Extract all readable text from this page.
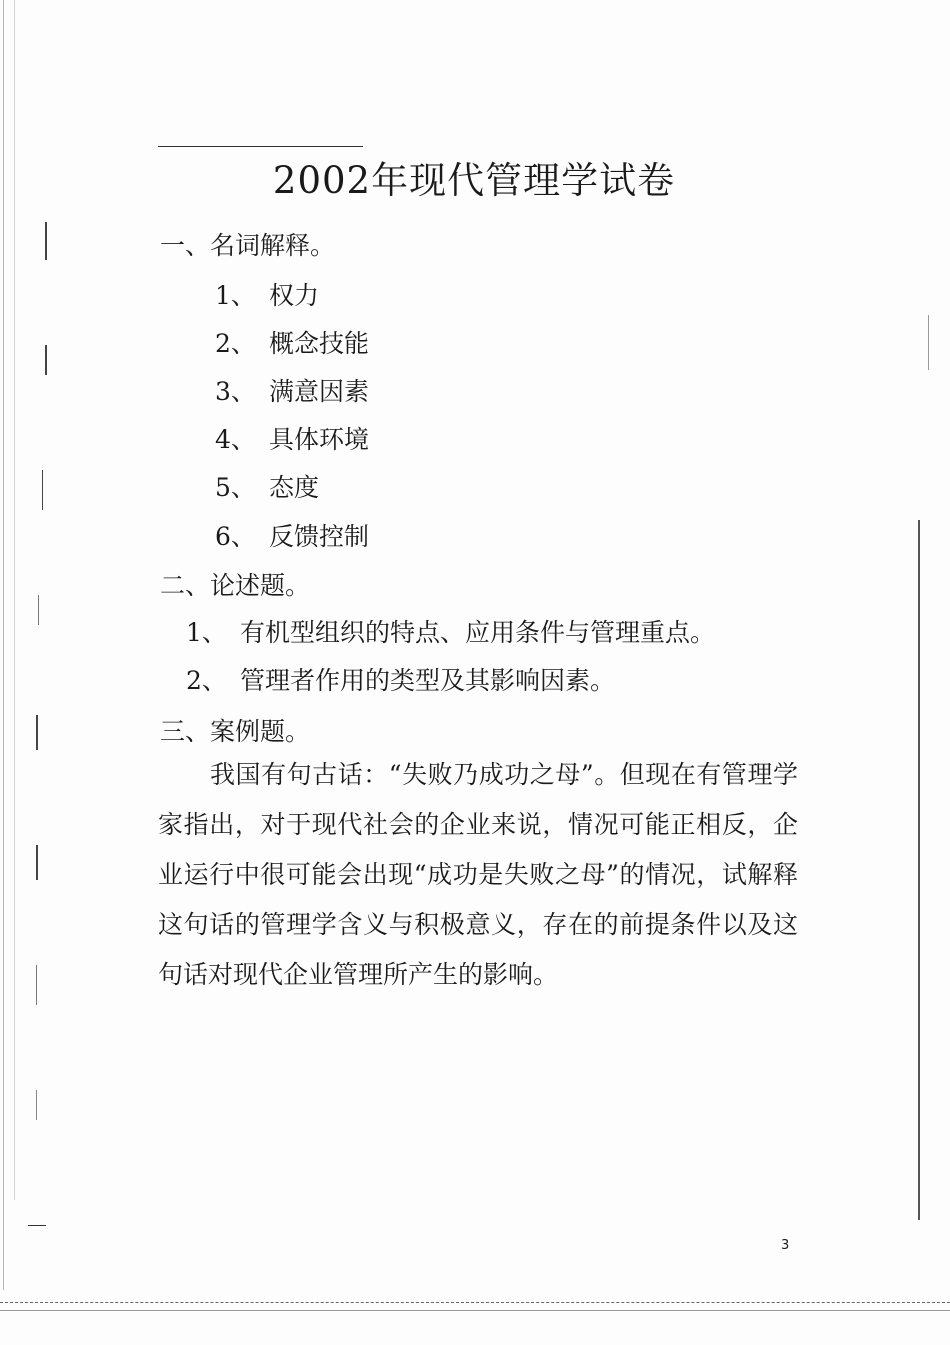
2002年现代管理学试卷
一、名词解释。
1、 权力
2、 概念技能
3、 满意因素
4、 具体环境
5、 态度
6、 反馈控制
二、论述题。
1、 有机型组织的特点、应用条件与管理重点。
2、 管理者作用的类型及其影响因素。
三、案例题。
我国有句古话：“失败乃成功之母”。但现在有管理学家指出，对于现代社会的企业来说，情况可能正相反，企业运行中很可能会出现“成功是失败之母”的情况，试解释这句话的管理学含义与积极意义，存在的前提条件以及这句话对现代企业管理所产生的影响。
3
